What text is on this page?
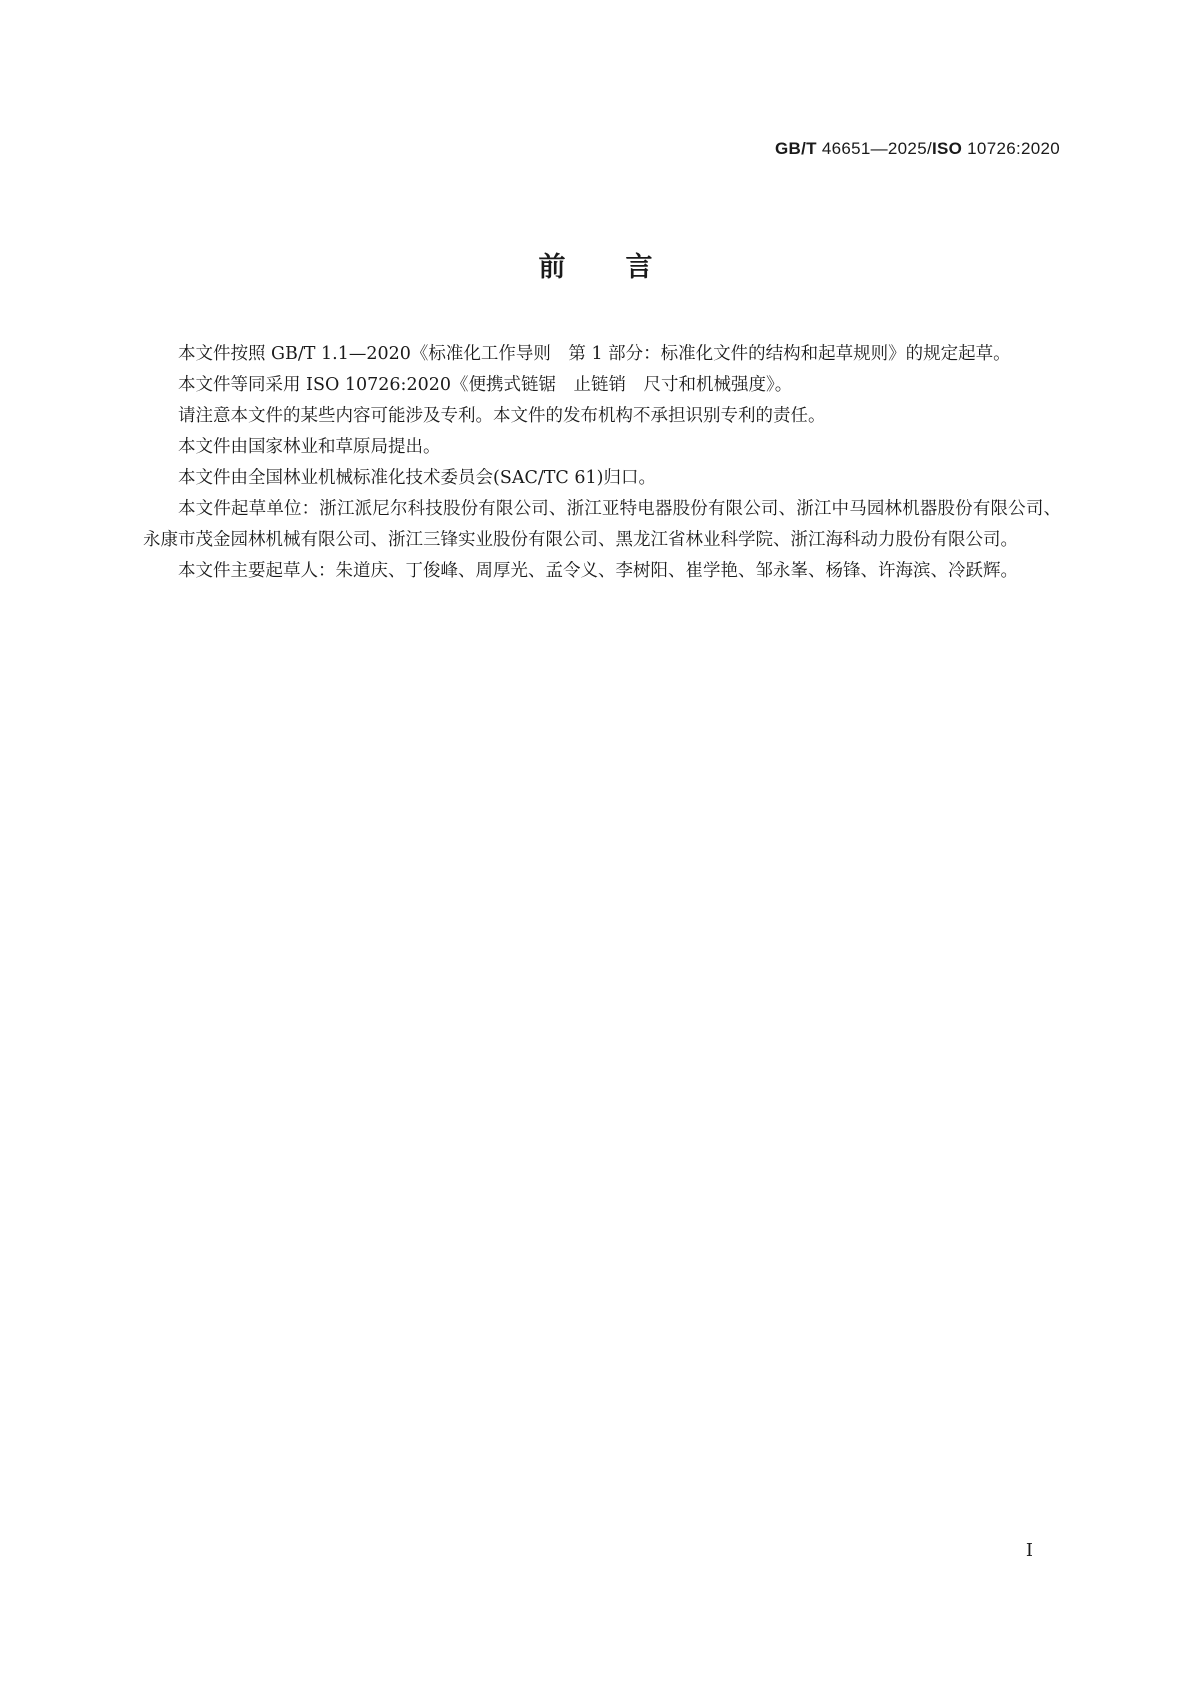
GB/T 46651—2025/ISO 10726:2020
前言

本文件按照 GB/T 1.1—2020《标准化工作导则　第 1 部分：标准化文件的结构和起草规则》的规定起草。

本文件等同采用 ISO 10726:2020《便携式链锯　止链销　尺寸和机械强度》。

请注意本文件的某些内容可能涉及专利。本文件的发布机构不承担识别专利的责任。

本文件由国家林业和草原局提出。

本文件由全国林业机械标准化技术委员会(SAC/TC 61)归口。

本文件起草单位：浙江派尼尔科技股份有限公司、浙江亚特电器股份有限公司、浙江中马园林机器股份有限公司、永康市茂金园林机械有限公司、浙江三锋实业股份有限公司、黑龙江省林业科学院、浙江海科动力股份有限公司。

本文件主要起草人：朱道庆、丁俊峰、周厚光、孟令义、李树阳、崔学艳、邹永峯、杨锋、许海滨、冷跃辉。

I
